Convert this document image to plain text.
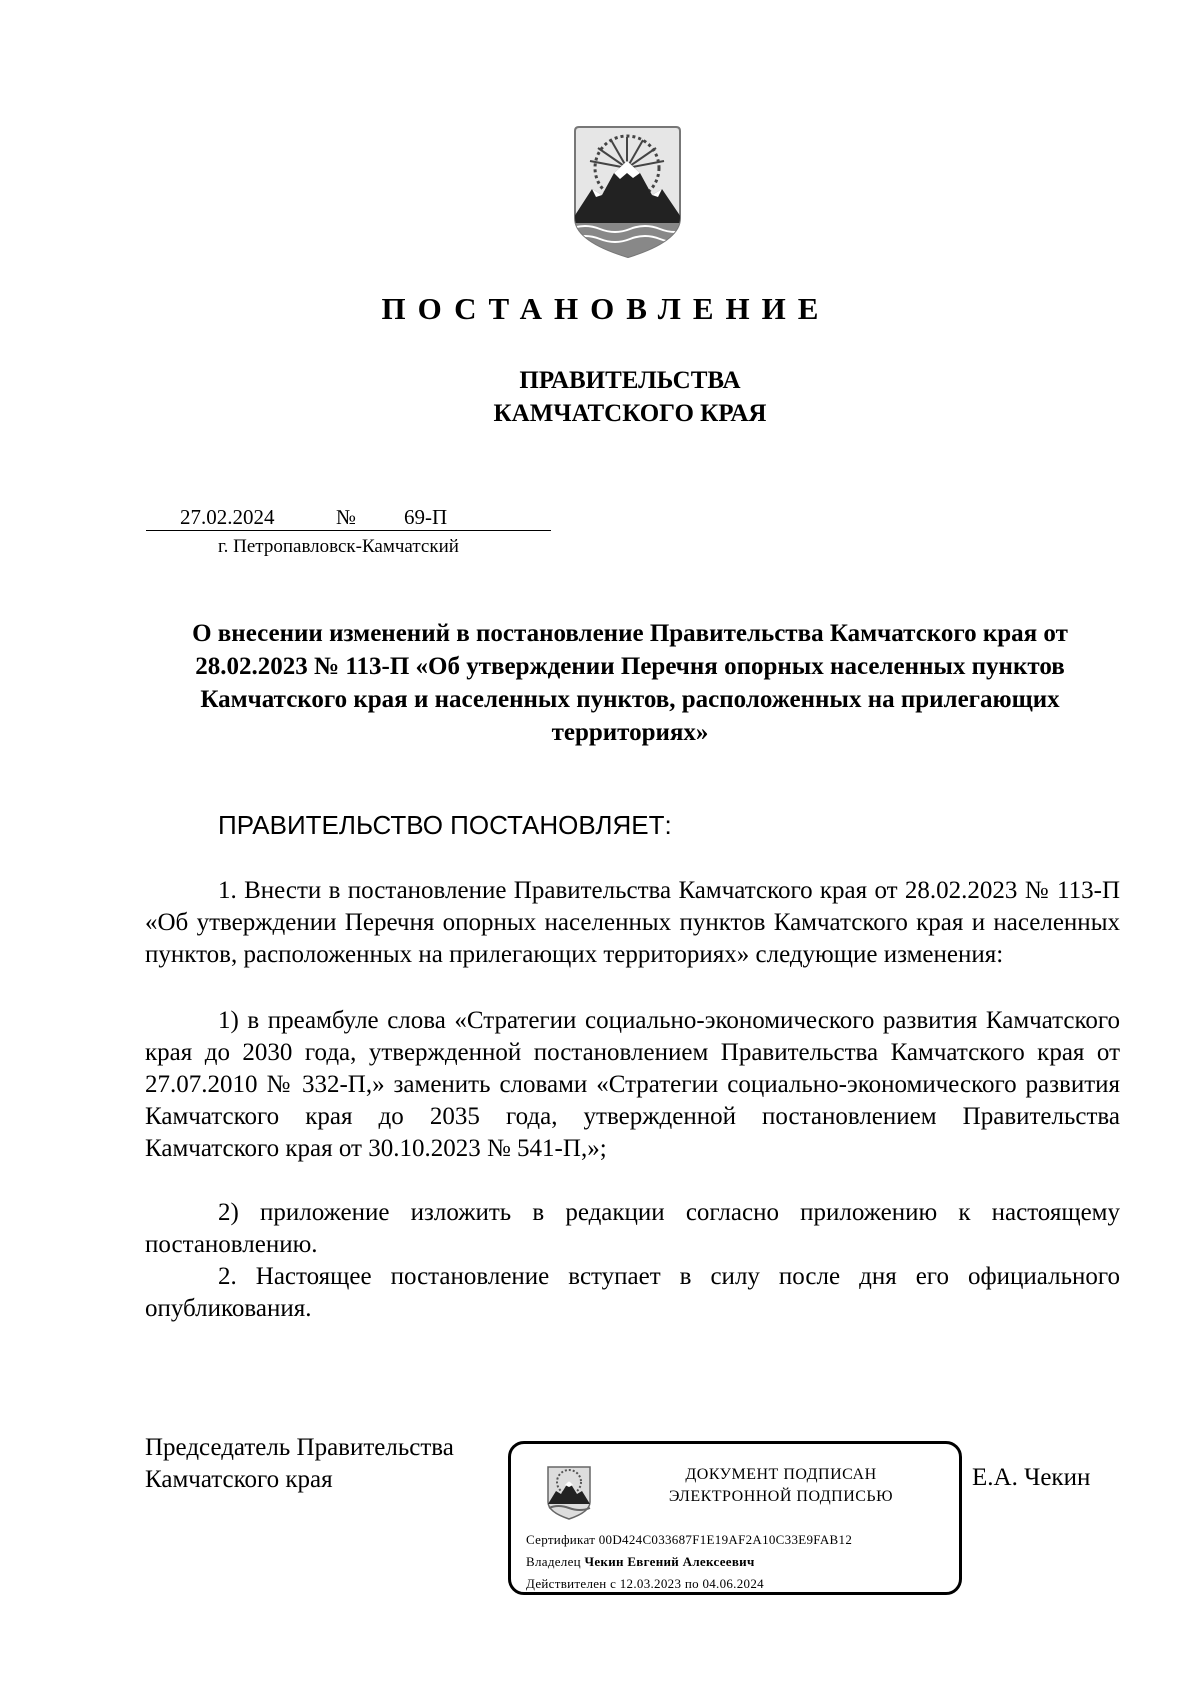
ПОСТАНОВЛЕНИЕ
ПРАВИТЕЛЬСТВА
КАМЧАТСКОГО КРАЯ
27.02.2024	№ 69-П
г. Петропавловск-Камчатский
О внесении изменений в постановление Правительства Камчатского края от 28.02.2023 № 113-П «Об утверждении Перечня опорных населенных пунктов Камчатского края и населенных пунктов, расположенных на прилегающих территориях»
ПРАВИТЕЛЬСТВО ПОСТАНОВЛЯЕТ:
1. Внести в постановление Правительства Камчатского края от 28.02.2023 № 113-П «Об утверждении Перечня опорных населенных пунктов Камчатского края и населенных пунктов, расположенных на прилегающих территориях» следующие изменения:
1) в преамбуле слова «Стратегии социально-экономического развития Камчатского края до 2030 года, утвержденной постановлением Правительства Камчатского края от 27.07.2010 № 332-П,» заменить словами «Стратегии социально-экономического развития Камчатского края до 2035 года, утвержденной постановлением Правительства Камчатского края от 30.10.2023 № 541-П,»;
2) приложение изложить в редакции согласно приложению к настоящему постановлению.
2. Настоящее постановление вступает в силу после дня его официального опубликования.
Председатель Правительства
Камчатского края	ДОКУМЕНТ ПОДПИСАН
ЭЛЕКТРОННОЙ ПОДПИСЬЮ
Сертификат 00D424C033687F1E19AF2A10C33E9FAB12
Владелец Чекин Евгений Алексеевич
Действителен с 12.03.2023 по 04.06.2024
Е.А. Чекин
